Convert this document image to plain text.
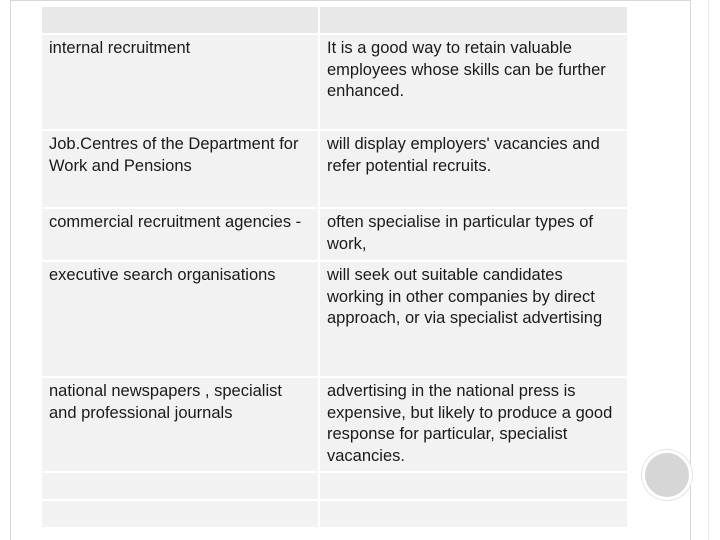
internal recruitment	It is a good way to retain valuable employees whose skills can be further enhanced.
Job.Centres of the Department for Work and Pensions	will display employers' vacancies and refer potential recruits.
commercial recruitment agencies -	often specialise in particular types of work,
executive search organisations	will seek out suitable candidates working in other companies by direct approach, or via specialist advertising
national newspapers , specialist and professional journals	advertising in the national press is expensive, but likely to produce a good response for particular, specialist vacancies.
